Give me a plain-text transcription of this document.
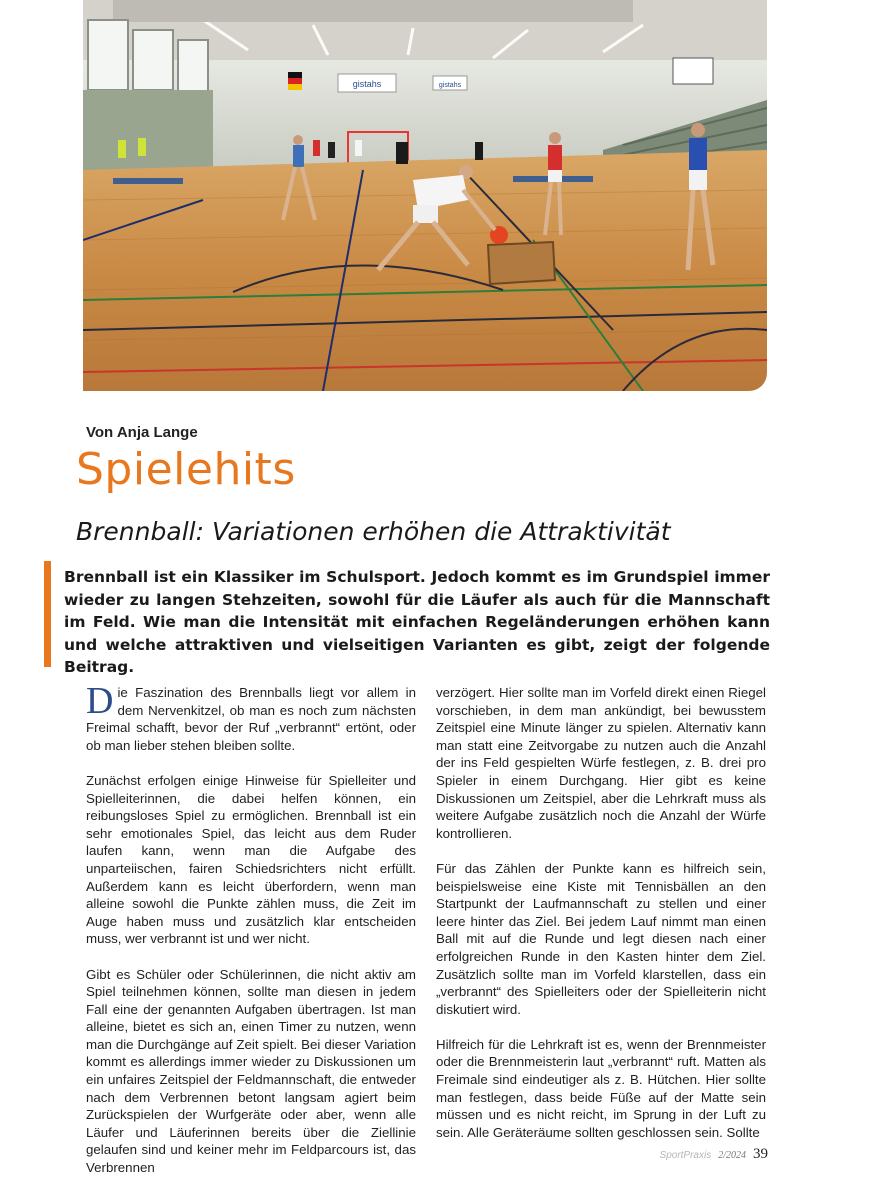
gistahs	gistahs
Von Anja Lange
Spielehits
Brennball: Variationen erhöhen die Attraktivität

Brennball ist ein Klassiker im Schulsport. Jedoch kommt es im Grundspiel immer wieder zu langen Stehzeiten, sowohl für die Läufer als auch für die Mannschaft im Feld. Wie man die Intensität mit einfachen Regeländerungen erhöhen kann und welche attraktiven und vielseitigen Varianten es gibt, zeigt der folgende Beitrag.

Die Faszination des Brennballs liegt vor allem in dem Nervenkitzel, ob man es noch zum nächsten Freimal schafft, bevor der Ruf „verbrannt“ ertönt, oder ob man lieber stehen bleiben sollte.

Zunächst erfolgen einige Hinweise für Spielleiter und Spielleiterinnen, die dabei helfen können, ein reibungsloses Spiel zu ermöglichen. Brennball ist ein sehr emotionales Spiel, das leicht aus dem Ruder laufen kann, wenn man die Aufgabe des unparteiischen, fairen Schiedsrichters nicht erfüllt. Außerdem kann es leicht überfordern, wenn man alleine sowohl die Punkte zählen muss, die Zeit im Auge haben muss und zusätzlich klar entscheiden muss, wer verbrannt ist und wer nicht.

Gibt es Schüler oder Schülerinnen, die nicht aktiv am Spiel teilnehmen können, sollte man diesen in jedem Fall eine der genannten Aufgaben übertragen. Ist man alleine, bietet es sich an, einen Timer zu nutzen, wenn man die Durchgänge auf Zeit spielt. Bei dieser Variation kommt es allerdings immer wieder zu Diskussionen um ein unfaires Zeitspiel der Feldmannschaft, die entweder nach dem Verbrennen betont langsam agiert beim Zurückspielen der Wurfgeräte oder aber, wenn alle Läufer und Läuferinnen bereits über die Ziellinie gelaufen sind und keiner mehr im Feldparcours ist, das Verbrennen

verzögert. Hier sollte man im Vorfeld direkt einen Riegel vorschieben, in dem man ankündigt, bei bewusstem Zeitspiel eine Minute länger zu spielen. Alternativ kann man statt eine Zeitvorgabe zu nutzen auch die Anzahl der ins Feld gespielten Würfe festlegen, z. B. drei pro Spieler in einem Durchgang. Hier gibt es keine Diskussionen um Zeitspiel, aber die Lehrkraft muss als weitere Aufgabe zusätzlich noch die Anzahl der Würfe kontrollieren.

Für das Zählen der Punkte kann es hilfreich sein, beispielsweise eine Kiste mit Tennisbällen an den Startpunkt der Laufmannschaft zu stellen und einer leere hinter das Ziel. Bei jedem Lauf nimmt man einen Ball mit auf die Runde und legt diesen nach einer erfolgreichen Runde in den Kasten hinter dem Ziel. Zusätzlich sollte man im Vorfeld klarstellen, dass ein „verbrannt“ des Spielleiters oder der Spielleiterin nicht diskutiert wird.

Hilfreich für die Lehrkraft ist es, wenn der Brennmeister oder die Brennmeisterin laut „verbrannt“ ruft. Matten als Freimale sind eindeutiger als z. B. Hütchen. Hier sollte man festlegen, dass beide Füße auf der Matte sein müssen und es nicht reicht, im Sprung in der Luft zu sein. Alle Geräteräume sollten geschlossen sein. Sollte

SportPraxis 2/2024 39
